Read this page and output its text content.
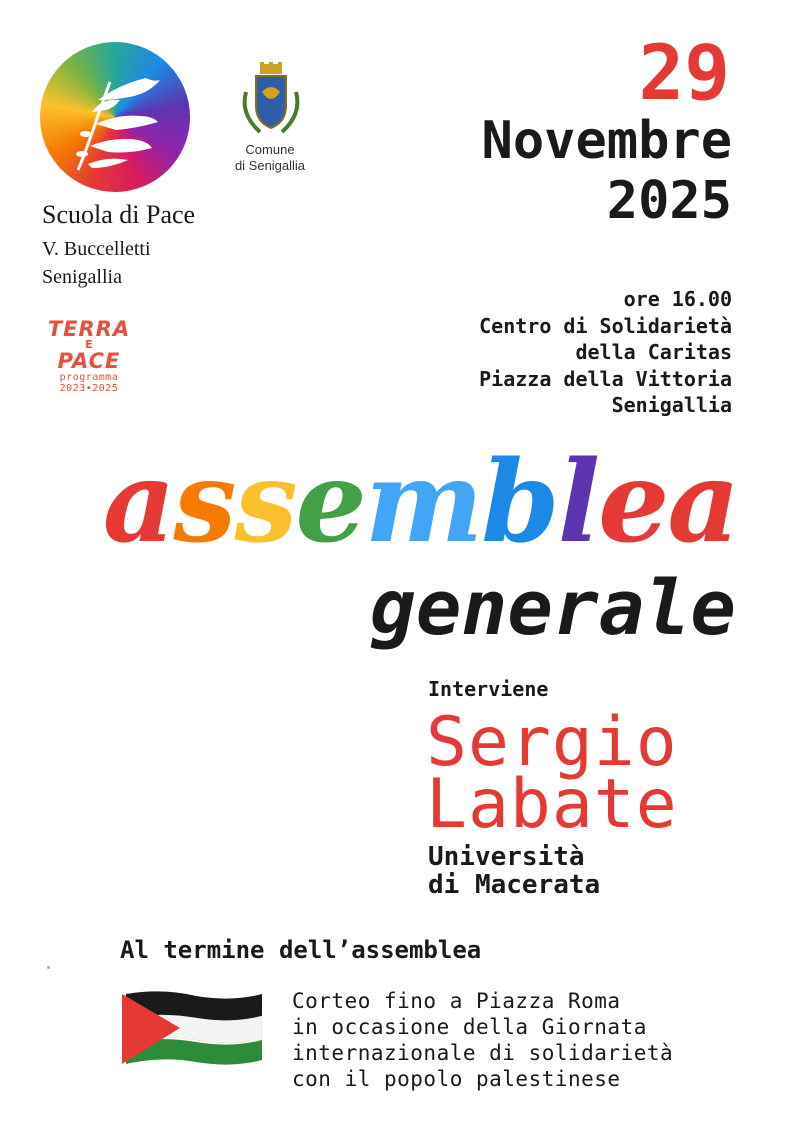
Comune
di Senigallia
Scuola di Pace
V. Buccelletti
Senigallia
TERRA
E
PACE
programma
2023•2025
29
Novembre
2025
ore 16.00
Centro di Solidarietà
della Caritas
Piazza della Vittoria
Senigallia
assemblea
generale
Interviene
Sergio
Labate
Università
di Macerata
Al termine dell’assemblea
Corteo fino a Piazza Roma
in occasione della Giornata
internazionale di solidarietà
con il popolo palestinese
